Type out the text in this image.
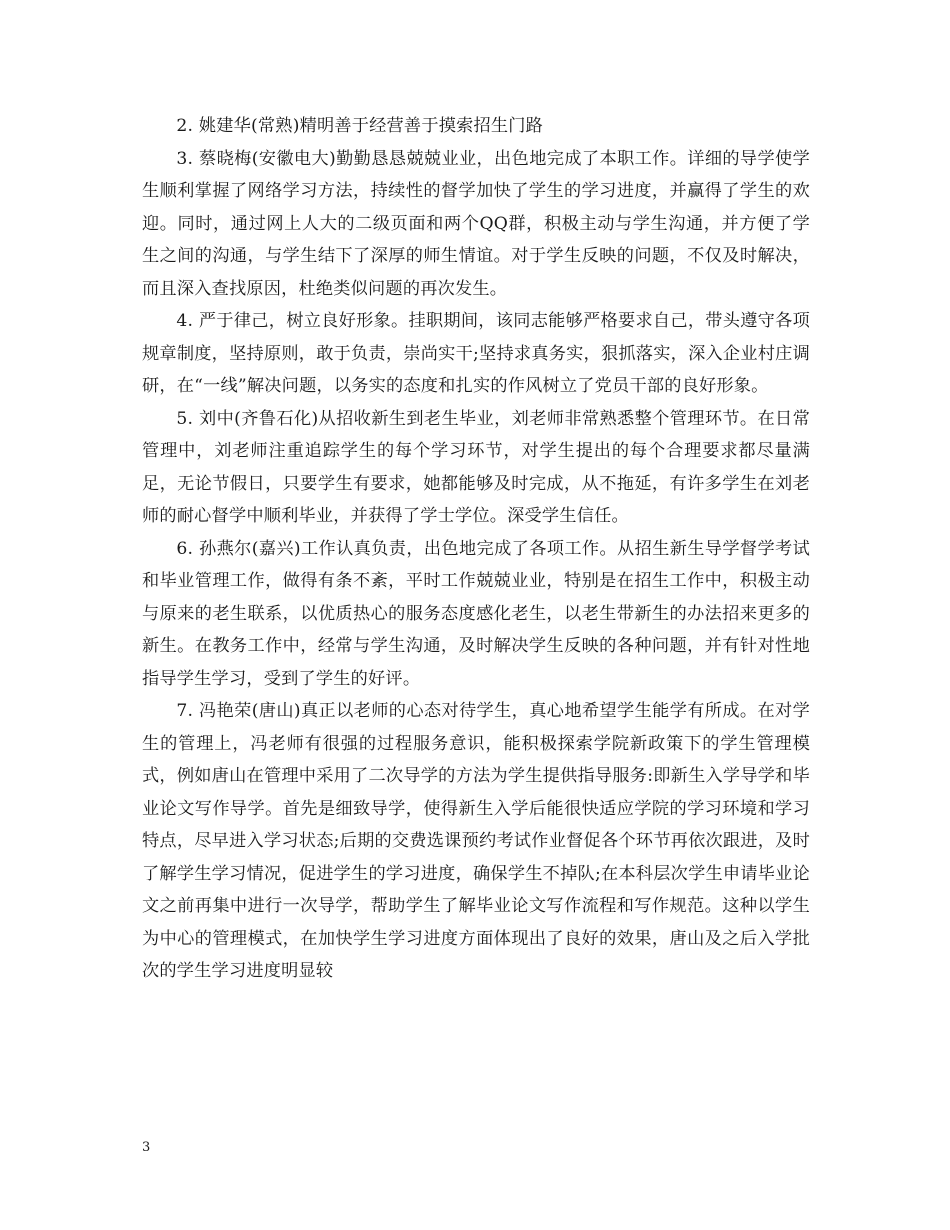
2. 姚建华(常熟)精明善于经营善于摸索招生门路

3. 蔡晓梅(安徽电大)勤勤恳恳兢兢业业，出色地完成了本职工作。详细的导学使学生顺利掌握了网络学习方法，持续性的督学加快了学生的学习进度，并赢得了学生的欢迎。同时，通过网上人大的二级页面和两个QQ群，积极主动与学生沟通，并方便了学生之间的沟通，与学生结下了深厚的师生情谊。对于学生反映的问题，不仅及时解决，而且深入查找原因，杜绝类似问题的再次发生。

4. 严于律己，树立良好形象。挂职期间，该同志能够严格要求自己，带头遵守各项规章制度，坚持原则，敢于负责，崇尚实干;坚持求真务实，狠抓落实，深入企业村庄调研，在“一线”解决问题，以务实的态度和扎实的作风树立了党员干部的良好形象。

5. 刘中(齐鲁石化)从招收新生到老生毕业，刘老师非常熟悉整个管理环节。在日常管理中，刘老师注重追踪学生的每个学习环节，对学生提出的每个合理要求都尽量满足，无论节假日，只要学生有要求，她都能够及时完成，从不拖延，有许多学生在刘老师的耐心督学中顺利毕业，并获得了学士学位。深受学生信任。

6. 孙燕尔(嘉兴)工作认真负责，出色地完成了各项工作。从招生新生导学督学考试和毕业管理工作，做得有条不紊，平时工作兢兢业业，特别是在招生工作中，积极主动与原来的老生联系，以优质热心的服务态度感化老生，以老生带新生的办法招来更多的新生。在教务工作中，经常与学生沟通，及时解决学生反映的各种问题，并有针对性地指导学生学习，受到了学生的好评。

7. 冯艳荣(唐山)真正以老师的心态对待学生，真心地希望学生能学有所成。在对学生的管理上，冯老师有很强的过程服务意识，能积极探索学院新政策下的学生管理模式，例如唐山在管理中采用了二次导学的方法为学生提供指导服务:即新生入学导学和毕业论文写作导学。首先是细致导学，使得新生入学后能很快适应学院的学习环境和学习特点，尽早进入学习状态;后期的交费选课预约考试作业督促各个环节再依次跟进，及时了解学生学习情况，促进学生的学习进度，确保学生不掉队;在本科层次学生申请毕业论文之前再集中进行一次导学，帮助学生了解毕业论文写作流程和写作规范。这种以学生为中心的管理模式，在加快学生学习进度方面体现出了良好的效果，唐山及之后入学批次的学生学习进度明显较

3
